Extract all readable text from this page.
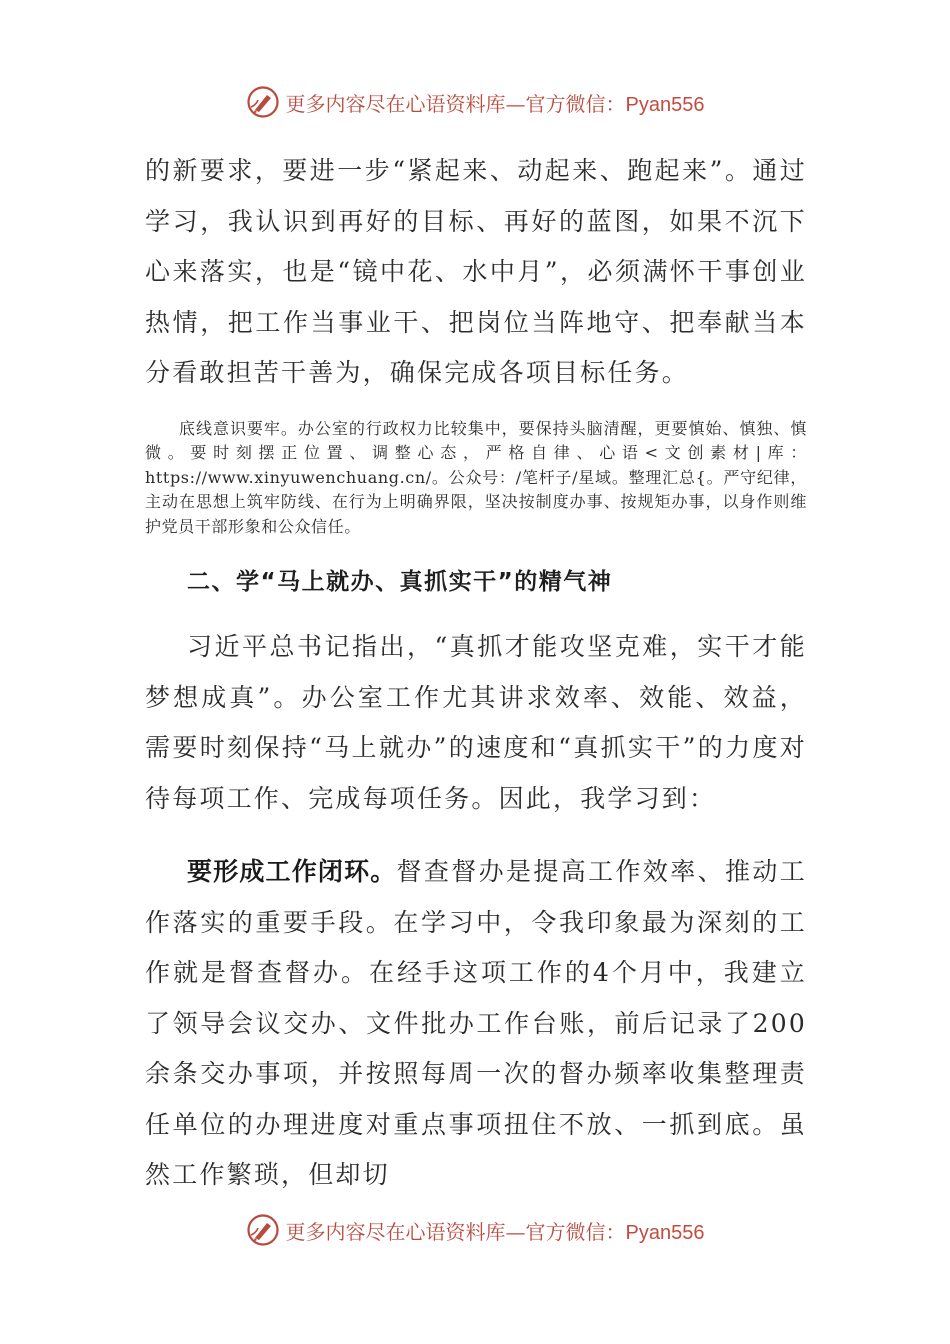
更多内容尽在心语资料库—官方微信：Pyan556

的新要求，要进一步“紧起来、动起来、跑起来”。通过学习，我认识到再好的目标、再好的蓝图，如果不沉下心来落实，也是“镜中花、水中月”，必须满怀干事创业热情，把工作当事业干、把岗位当阵地守、把奉献当本分看敢担苦干善为，确保完成各项目标任务。

底线意识要牢。办公室的行政权力比较集中，要保持头脑清醒，更要慎始、慎独、慎微。要时刻摆正位置、调整心态，严格自律、心语<文创素材|库：https://www.xinyuwenchuang.cn/。公众号：/笔杆子/星域。整理汇总{。严守纪律，主动在思想上筑牢防线、在行为上明确界限，坚决按制度办事、按规矩办事，以身作则维护党员干部形象和公众信任。

二、学“马上就办、真抓实干”的精气神

习近平总书记指出，“真抓才能攻坚克难，实干才能梦想成真”。办公室工作尤其讲求效率、效能、效益，需要时刻保持“马上就办”的速度和“真抓实干”的力度对待每项工作、完成每项任务。因此，我学习到：

要形成工作闭环。督查督办是提高工作效率、推动工作落实的重要手段。在学习中，令我印象最为深刻的工作就是督查督办。在经手这项工作的4个月中，我建立了领导会议交办、文件批办工作台账，前后记录了200余条交办事项，并按照每周一次的督办频率收集整理责任单位的办理进度对重点事项扭住不放、一抓到底。虽然工作繁琐，但却切

更多内容尽在心语资料库—官方微信：Pyan556
